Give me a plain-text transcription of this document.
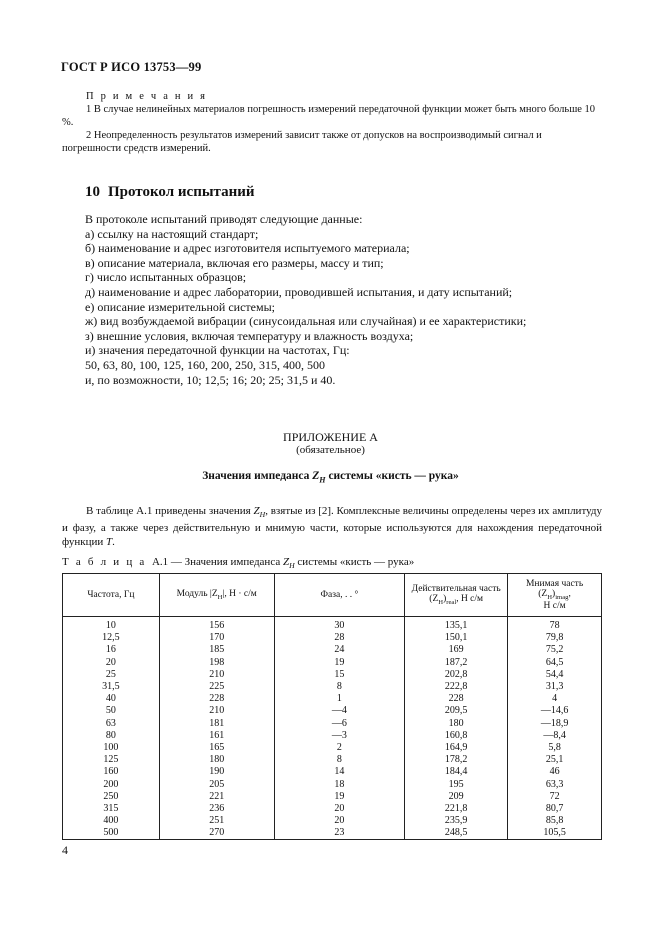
ГОСТ Р ИСО 13753—99

П р и м е ч а н и я

1 В случае нелинейных материалов погрешность измерений передаточной функции может быть много больше 10 %.

2 Неопределенность результатов измерений зависит также от допусков на воспроизводимый сигнал и погрешности средств измерений.

10 Протокол испытаний

В протоколе испытаний приводят следующие данные:

а) ссылку на настоящий стандарт;

б) наименование и адрес изготовителя испытуемого материала;

в) описание материала, включая его размеры, массу и тип;

г) число испытанных образцов;

д) наименование и адрес лаборатории, проводившей испытания, и дату испытаний;

е) описание измерительной системы;

ж) вид возбуждаемой вибрации (синусоидальная или случайная) и ее характеристики;

з) внешние условия, включая температуру и влажность воздуха;

и) значения передаточной функции на частотах, Гц:

50, 63, 80, 100, 125, 160, 200, 250, 315, 400, 500

и, по возможности, 10; 12,5; 16; 20; 25; 31,5 и 40.

ПРИЛОЖЕНИЕ А
(обязательное)
Значения импеданса $Z_H$ системы «кисть — рука»

В таблице А.1 приведены значения $Z_H$, взятые из [2]. Комплексные величины определены через их амплитуду и фазу, а также через действительную и мнимую части, которые используются для нахождения передаточной функции T.

Т а б л и ц а А.1 — Значения импеданса $Z_H$ системы «кисть — рука»
Частота, Гц	Модуль $|Z_H|$, Н · с/м	Фаза, . . °	Действительная часть
$(Z_H)_{real}$, Н с/м	Мнимая часть $(Z_H)_{imag}$,
Н с/м
10	156	30	135,1	78
12,5	170	28	150,1	79,8
16	185	24	169	75,2
20	198	19	187,2	64,5
25	210	15	202,8	54,4
31,5	225	8	222,8	31,3
40	228	1	228	4
50	210	—4	209,5	—14,6
63	181	—6	180	—18,9
80	161	—3	160,8	—8,4
100	165	2	164,9	5,8
125	180	8	178,2	25,1
160	190	14	184,4	46
200	205	18	195	63,3
250	221	19	209	72
315	236	20	221,8	80,7
400	251	20	235,9	85,8
500	270	23	248,5	105,5
4
